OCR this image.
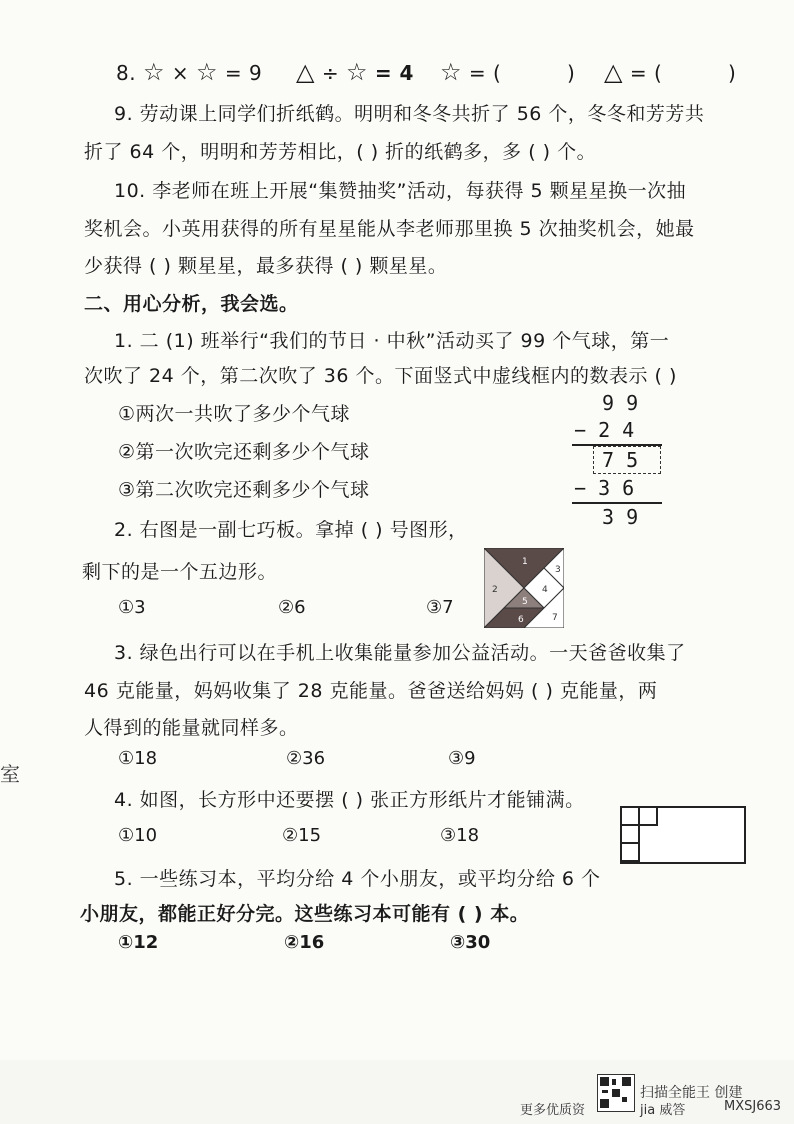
8. ☆ × ☆ = 9 △ ÷ ☆ = 4 ☆ = (	) △ = (	)
9. 劳动课上同学们折纸鹤。明明和冬冬共折了 56 个，冬冬和芳芳共
折了 64 个，明明和芳芳相比，( ) 折的纸鹤多，多 ( ) 个。
10. 李老师在班上开展“集赞抽奖”活动，每获得 5 颗星星换一次抽
奖机会。小英用获得的所有星星能从李老师那里换 5 次抽奖机会，她最
少获得 ( ) 颗星星，最多获得 ( ) 颗星星。
二、用心分析，我会选。
1. 二 (1) 班举行“我们的节日 · 中秋”活动买了 99 个气球，第一
次吹了 24 个，第二次吹了 36 个。下面竖式中虚线框内的数表示 ( )
①两次一共吹了多少个气球
②第一次吹完还剩多少个气球
③第二次吹完还剩多少个气球
9 9
− 2 4
7 5
− 3 6
3 9
2. 右图是一副七巧板。拿掉 ( ) 号图形，
剩下的是一个五边形。
①3	②6	③7
1
2
3
4
5
6	7
3. 绿色出行可以在手机上收集能量参加公益活动。一天爸爸收集了
46 克能量，妈妈收集了 28 克能量。爸爸送给妈妈 ( ) 克能量，两
人得到的能量就同样多。
①18	②36	③9
4. 如图，长方形中还要摆 ( ) 张正方形纸片才能铺满。
①10	②15	③18
5. 一些练习本，平均分给 4 个小朋友，或平均分给 6 个
小朋友，都能正好分完。这些练习本可能有 ( ) 本。
①12	②16	③30
室
更多优质资
扫描全能王 创建
jia 威答	MXSJ663
